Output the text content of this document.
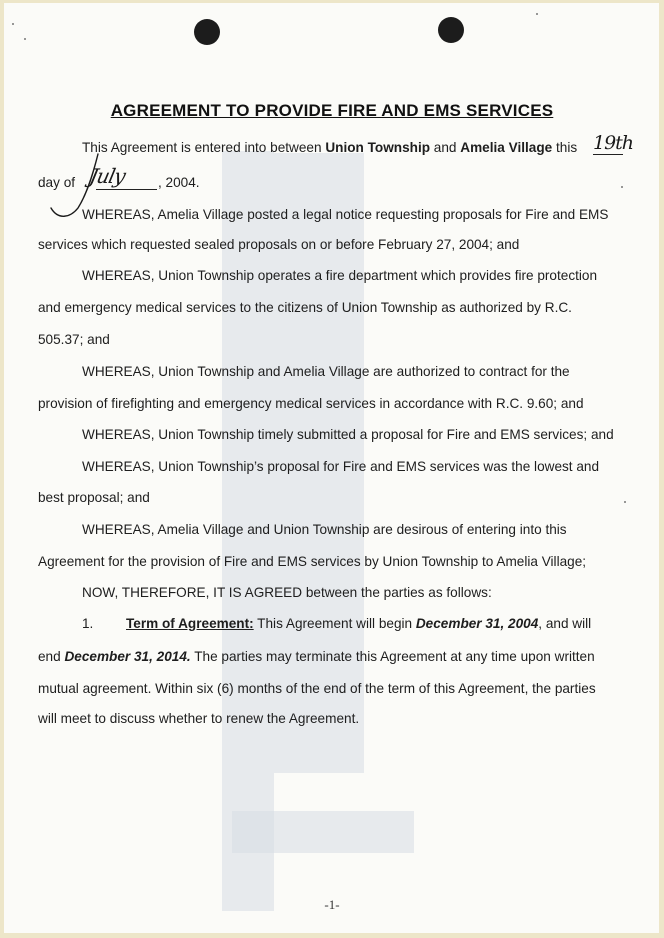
AGREEMENT TO PROVIDE FIRE AND EMS SERVICES
This Agreement is entered into between Union Township and Amelia Village this 19th
day of July , 2004.
WHEREAS, Amelia Village posted a legal notice requesting proposals for Fire and EMS
services which requested sealed proposals on or before February 27, 2004; and
WHEREAS, Union Township operates a fire department which provides fire protection
and emergency medical services to the citizens of Union Township as authorized by R.C.
505.37; and
WHEREAS, Union Township and Amelia Village are authorized to contract for the
provision of firefighting and emergency medical services in accordance with R.C. 9.60; and
WHEREAS, Union Township timely submitted a proposal for Fire and EMS services; and
WHEREAS, Union Township’s proposal for Fire and EMS services was the lowest and
best proposal; and
WHEREAS, Amelia Village and Union Township are desirous of entering into this
Agreement for the provision of Fire and EMS services by Union Township to Amelia Village;
NOW, THEREFORE, IT IS AGREED between the parties as follows:
1. Term of Agreement: This Agreement will begin December 31, 2004, and will
end December 31, 2014. The parties may terminate this Agreement at any time upon written
mutual agreement. Within six (6) months of the end of the term of this Agreement, the parties
will meet to discuss whether to renew the Agreement.
-1-
